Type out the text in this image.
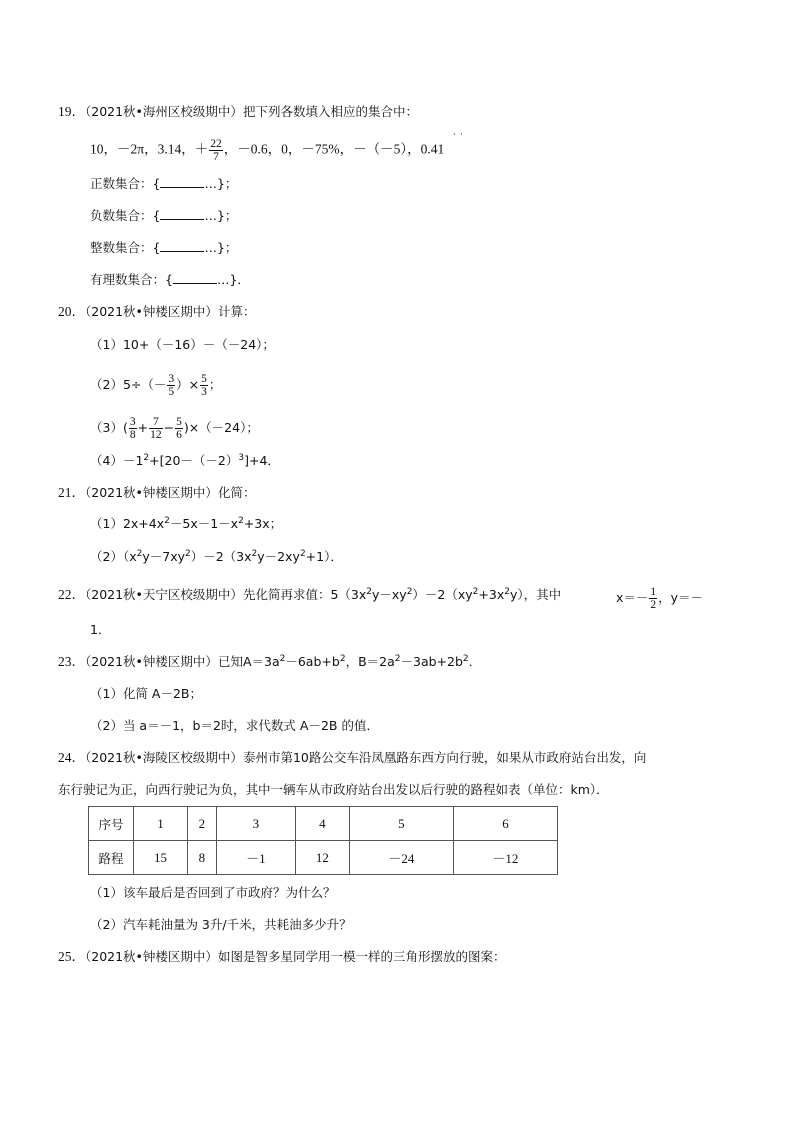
19．（2021秋•海州区校级期中）把下列各数填入相应的集合中：
10，－2π，3.14，＋ $\frac{22}{7}$ ，－0.6，0，－75%，－（－5），0.41
· ·
正数集合：{	…}；
负数集合：{	…}；
整数集合：{	…}；
有理数集合：{	…}．
20．（2021秋•钟楼区期中）计算：
（1）10+（－16）－（－24）；
$(2)5\div(- \frac{3}{5}$ ）× $\frac{5}{3}$ ；
$(3)( \frac{3}{8} + \frac{7}{12} - \frac{5}{6} )\times(-24)$；
$(4)-1^2+[20-(-2)^3]+4$．
21．（2021秋•钟楼区期中）化简：
$(1)2x+4x^2-5x-1-x^2+3x$；
$(2)(x^2y-7xy^2)-2(3x^2y-2xy^2+1)$．
22．（2021秋•天宁区校级期中）先化简再求值：$5(3x^2y-xy^2)-2(xy^2+3x^2y)$，其中	$x=- \frac{1}{2}$ ，y＝－
1．
23．（2021秋•钟楼区期中）已知$A=3a^2-6ab+b^2$，$B=2a^2-3ab+2b^2$．
（1）化简 A－2B；
（2）当 a＝－1，b＝2时，求代数式 A－2B 的值．
24．（2021秋•海陵区校级期中）泰州市第10路公交车沿凤凰路东西方向行驶，如果从市政府站台出发，向
东行驶记为正，向西行驶记为负，其中一辆车从市政府站台出发以后行驶的路程如表（单位：km）．
序号	1	2	3	4	5	6
路程	15	8	－1	12	－24	－12
（1）该车最后是否回到了市政府？为什么？
（2）汽车耗油量为 3升/千米，共耗油多少升？
25．（2021秋•钟楼区期中）如图是智多星同学用一模一样的三角形摆放的图案：
